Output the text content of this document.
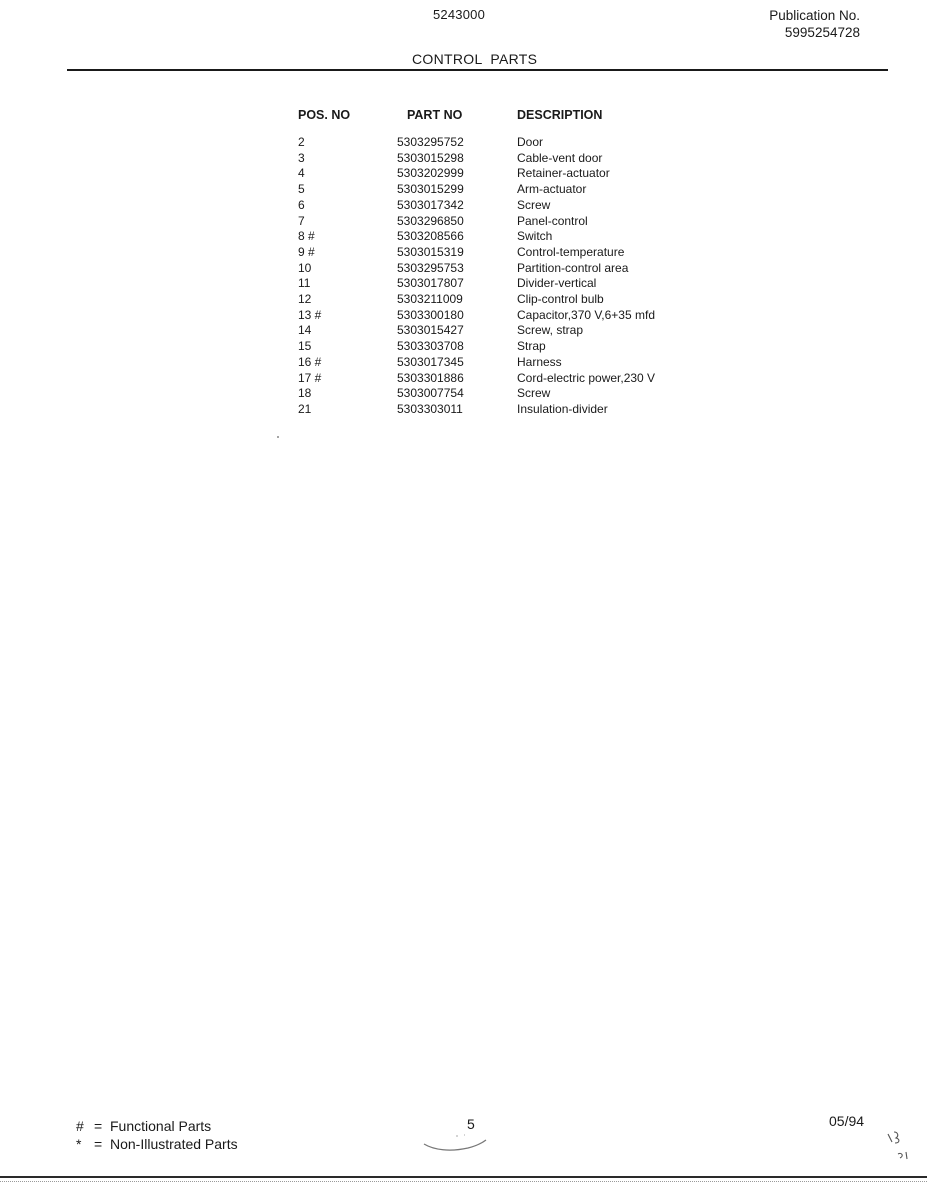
5243000	Publication No.
5995254728
CONTROL  PARTS
POS. NO	PART NO	DESCRIPTION
2	5303295752	Door
3	5303015298	Cable-vent door
4	5303202999	Retainer-actuator
5	5303015299	Arm-actuator
6	5303017342	Screw
7	5303296850	Panel-control
8 #	5303208566	Switch
9 #	5303015319	Control-temperature
10	5303295753	Partition-control area
11	5303017807	Divider-vertical
12	5303211009	Clip-control bulb
13 #	5303300180	Capacitor,370 V,6+35 mfd
14	5303015427	Screw, strap
15	5303303708	Strap
16 #	5303017345	Harness
17 #	5303301886	Cord-electric power,230 V
18	5303007754	Screw
21	5303303011	Insulation-divider
# = Functional Parts
* = Non-Illustrated Parts
5	05/94
